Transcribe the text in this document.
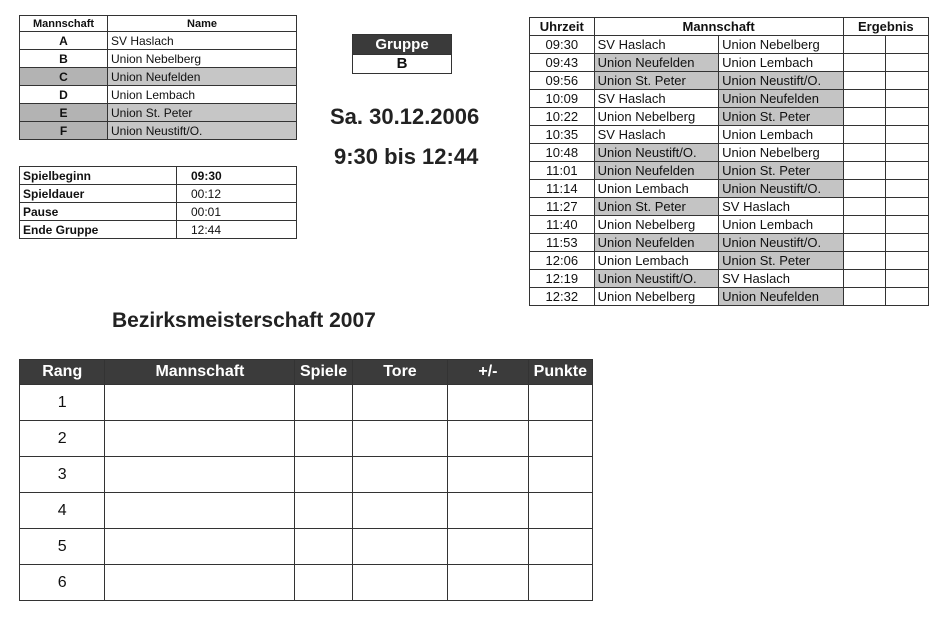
Mannschaft	Name
A	SV Haslach
B	Union Nebelberg
C	Union Neufelden
D	Union Lembach
E	Union St. Peter
F	Union Neustift/O.
Gruppe
B
Sa. 30.12.2006
9:30 bis 12:44
Spielbeginn	09:30
Spieldauer	00:12
Pause	00:01
Ende Gruppe	12:44
Uhrzeit	Mannschaft		Ergebnis	
09:30	SV Haslach	Union Nebelberg		
09:43	Union Neufelden	Union Lembach		
09:56	Union St. Peter	Union Neustift/O.		
10:09	SV Haslach	Union Neufelden		
10:22	Union Nebelberg	Union St. Peter		
10:35	SV Haslach	Union Lembach		
10:48	Union Neustift/O.	Union Nebelberg		
11:01	Union Neufelden	Union St. Peter		
11:14	Union Lembach	Union Neustift/O.		
11:27	Union St. Peter	SV Haslach		
11:40	Union Nebelberg	Union Lembach		
11:53	Union Neufelden	Union Neustift/O.		
12:06	Union Lembach	Union St. Peter		
12:19	Union Neustift/O.	SV Haslach		
12:32	Union Nebelberg	Union Neufelden		
Bezirksmeisterschaft 2007
Rang	Mannschaft	Spiele	Tore	+/-	Punkte
1					
2					
3					
4					
5					
6					
